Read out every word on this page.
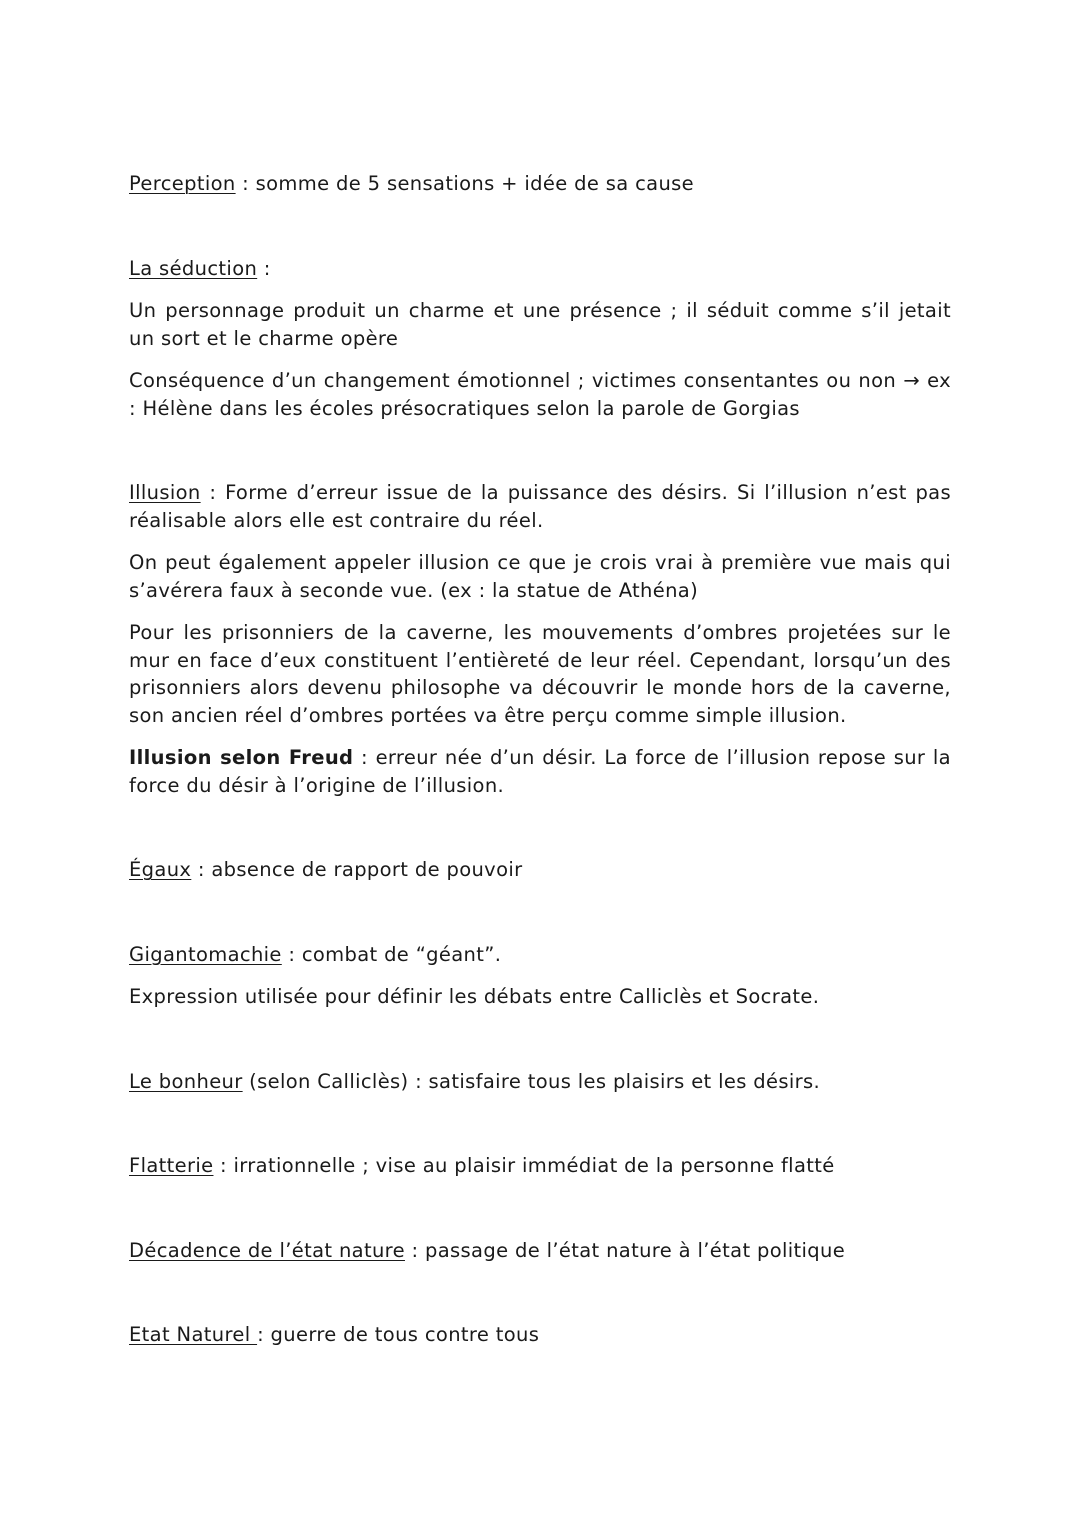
Perception : somme de 5 sensations + idée de sa cause

La séduction :

Un personnage produit un charme et une présence ; il séduit comme s’il jetait un sort et le charme opère

Conséquence d’un changement émotionnel ; victimes consentantes ou non → ex : Hélène dans les écoles présocratiques selon la parole de Gorgias

Illusion : Forme d’erreur issue de la puissance des désirs. Si l’illusion n’est pas réalisable alors elle est contraire du réel.

On peut également appeler illusion ce que je crois vrai à première vue mais qui s’avérera faux à seconde vue. (ex : la statue de Athéna)

Pour les prisonniers de la caverne, les mouvements d’ombres projetées sur le mur en face d’eux constituent l’entièreté de leur réel. Cependant, lorsqu’un des prisonniers alors devenu philosophe va découvrir le monde hors de la caverne, son ancien réel d’ombres portées va être perçu comme simple illusion.

Illusion selon Freud : erreur née d’un désir. La force de l’illusion repose sur la force du désir à l’origine de l’illusion.

Égaux : absence de rapport de pouvoir

Gigantomachie : combat de “géant”.

Expression utilisée pour définir les débats entre Calliclès et Socrate.

Le bonheur (selon Calliclès) : satisfaire tous les plaisirs et les désirs.

Flatterie : irrationnelle ; vise au plaisir immédiat de la personne flatté

Décadence de l’état nature : passage de l’état nature à l’état politique

Etat Naturel : guerre de tous contre tous
